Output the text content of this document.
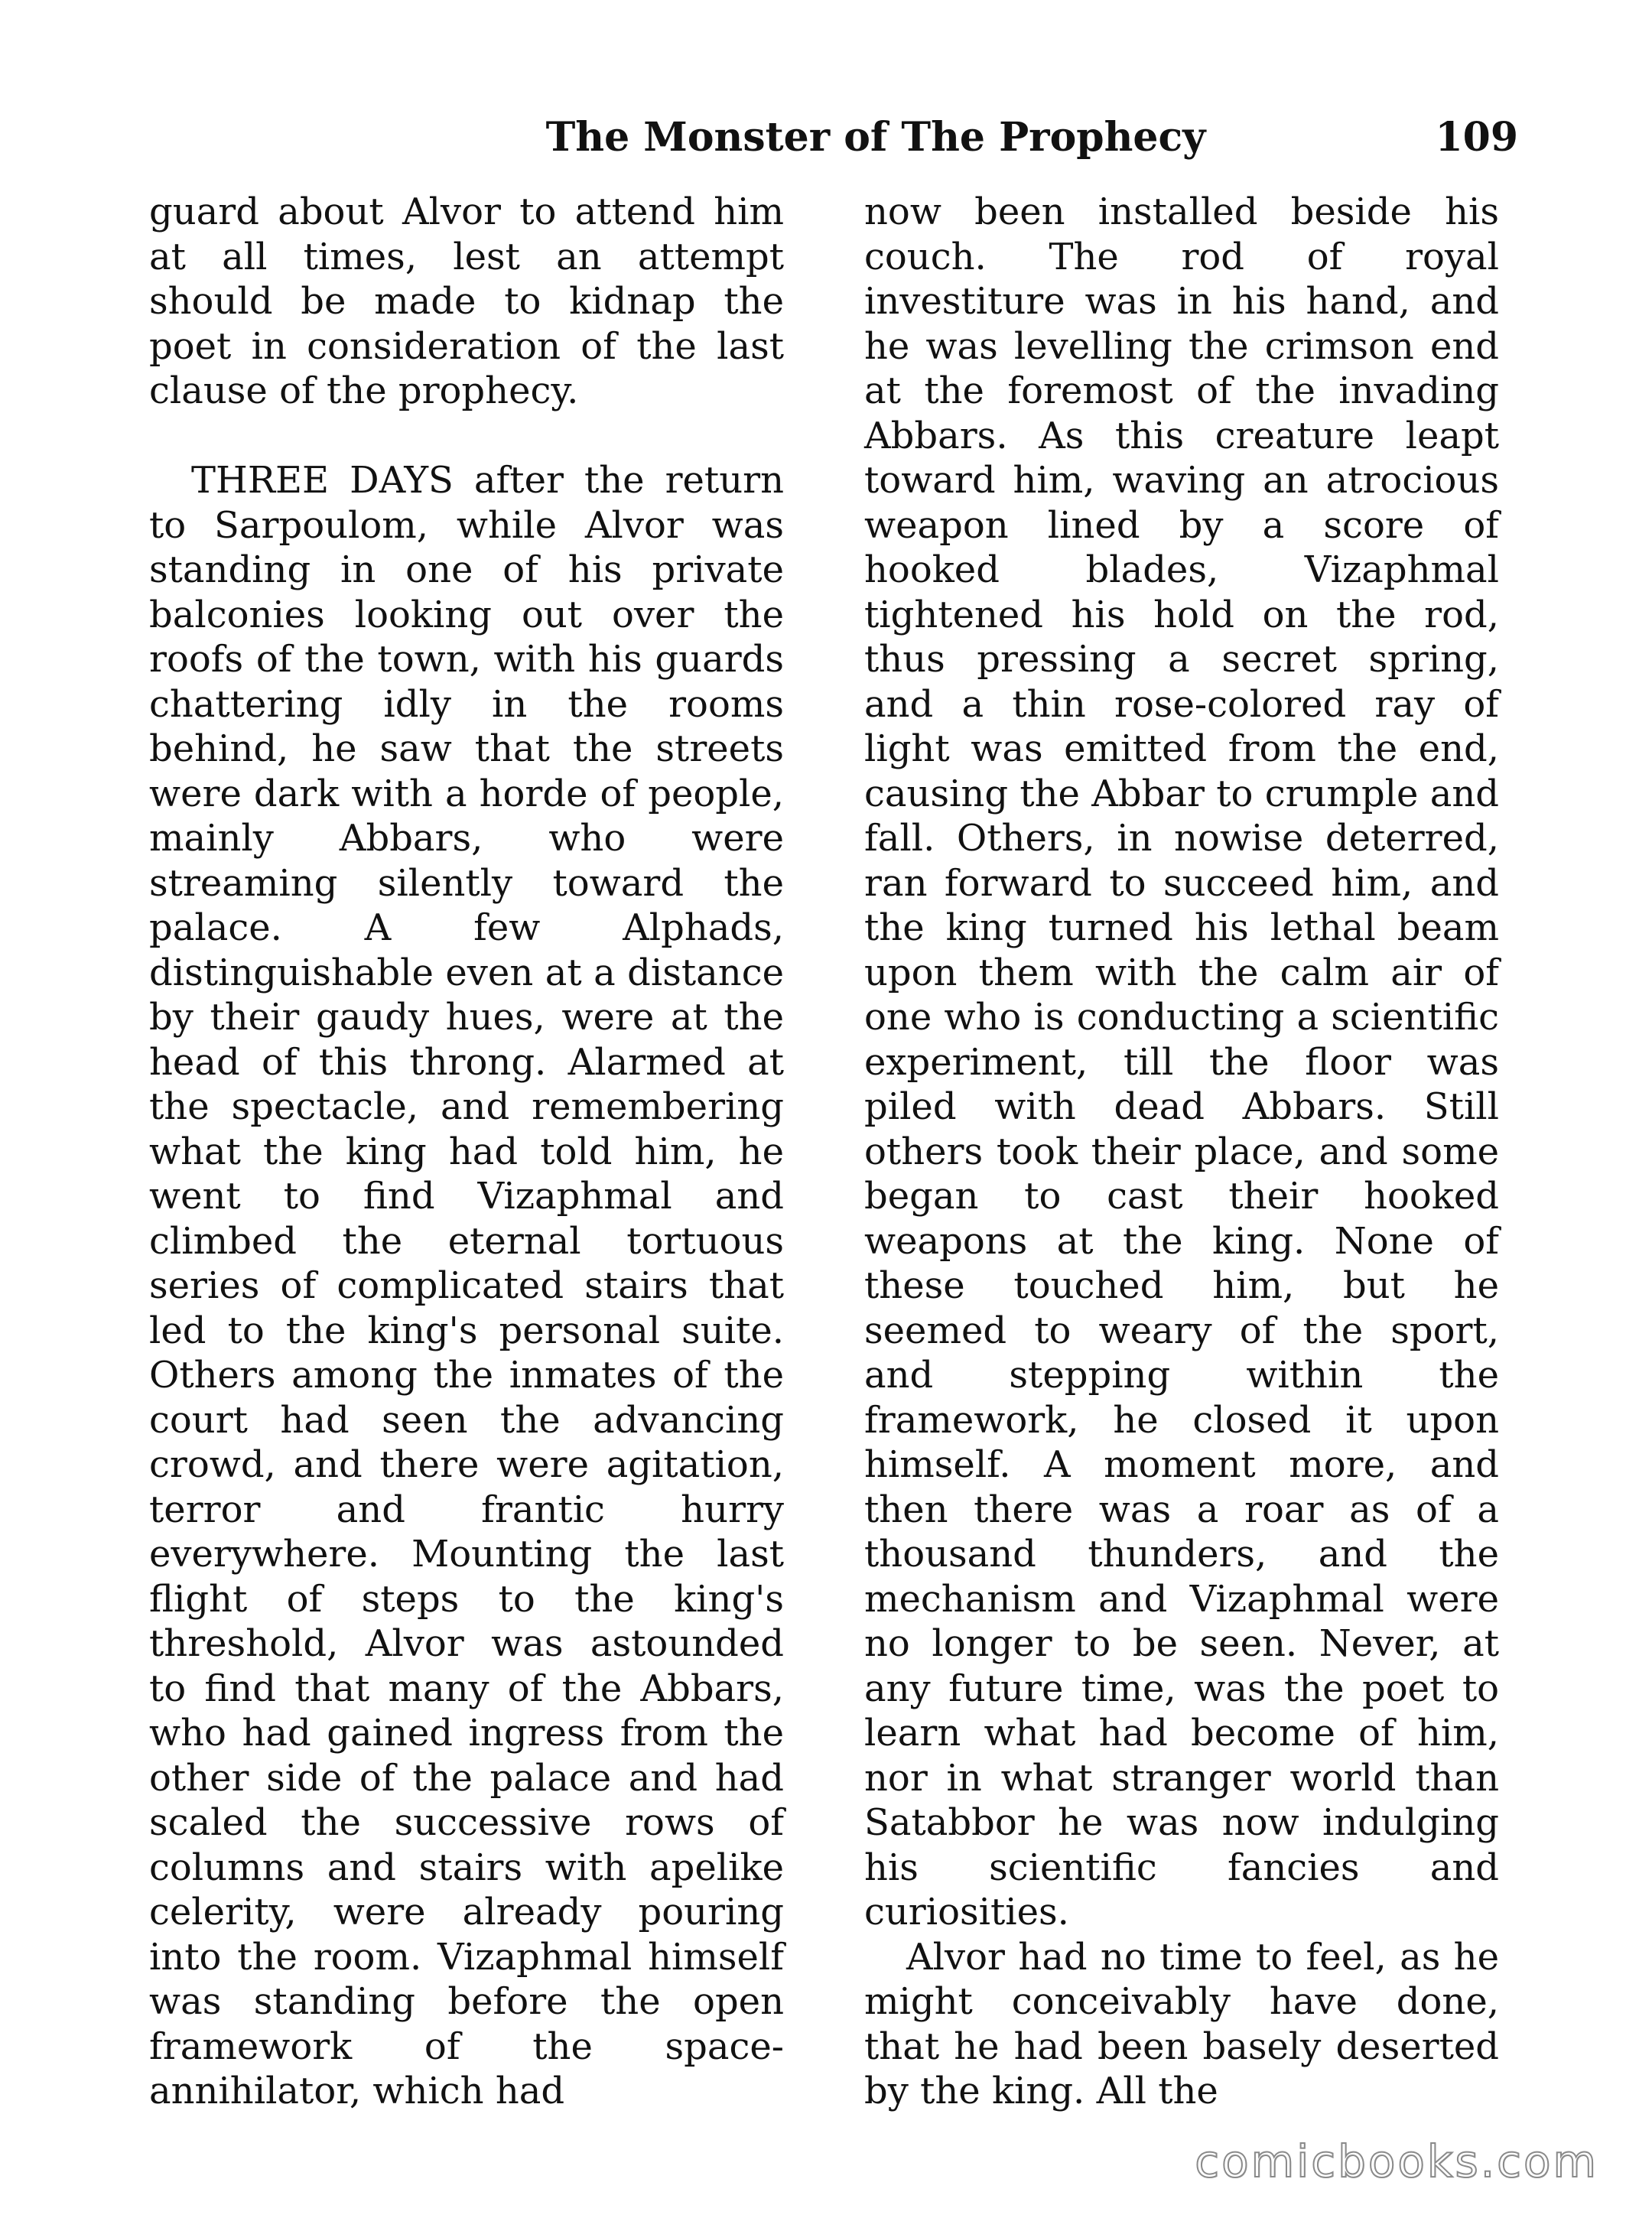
The Monster of The Prophecy	109

guard about Alvor to attend him at all times, lest an attempt should be made to kidnap the poet in consideration of the last clause of the prophecy.

THREE DAYS after the return to Sarpoulom, while Alvor was standing in one of his private balconies looking out over the roofs of the town, with his guards chattering idly in the rooms behind, he saw that the streets were dark with a horde of people, mainly Abbars, who were streaming silently toward the palace. A few Alphads, distinguishable even at a distance by their gaudy hues, were at the head of this throng. Alarmed at the spectacle, and remembering what the king had told him, he went to find Vizaphmal and climbed the eternal tortuous series of complicated stairs that led to the king's personal suite. Others among the inmates of the court had seen the advancing crowd, and there were agitation, terror and frantic hurry everywhere. Mounting the last flight of steps to the king's threshold, Alvor was astounded to find that many of the Abbars, who had gained ingress from the other side of the palace and had scaled the successive rows of columns and stairs with apelike celerity, were already pouring into the room. Vizaphmal himself was standing before the open framework of the space-annihilator, which had

now been installed beside his couch. The rod of royal investiture was in his hand, and he was levelling the crimson end at the foremost of the invading Abbars. As this creature leapt toward him, waving an atrocious weapon lined by a score of hooked blades, Vizaphmal tightened his hold on the rod, thus pressing a secret spring, and a thin rose-colored ray of light was emitted from the end, causing the Abbar to crumple and fall. Others, in nowise deterred, ran forward to succeed him, and the king turned his lethal beam upon them with the calm air of one who is conducting a scientific experiment, till the floor was piled with dead Abbars. Still others took their place, and some began to cast their hooked weapons at the king. None of these touched him, but he seemed to weary of the sport, and stepping within the framework, he closed it upon himself. A moment more, and then there was a roar as of a thousand thunders, and the mechanism and Vizaphmal were no longer to be seen. Never, at any future time, was the poet to learn what had become of him, nor in what stranger world than Satabbor he was now indulging his scientific fancies and curiosities.

Alvor had no time to feel, as he might conceivably have done, that he had been basely deserted by the king. All the

comicbooks.com
